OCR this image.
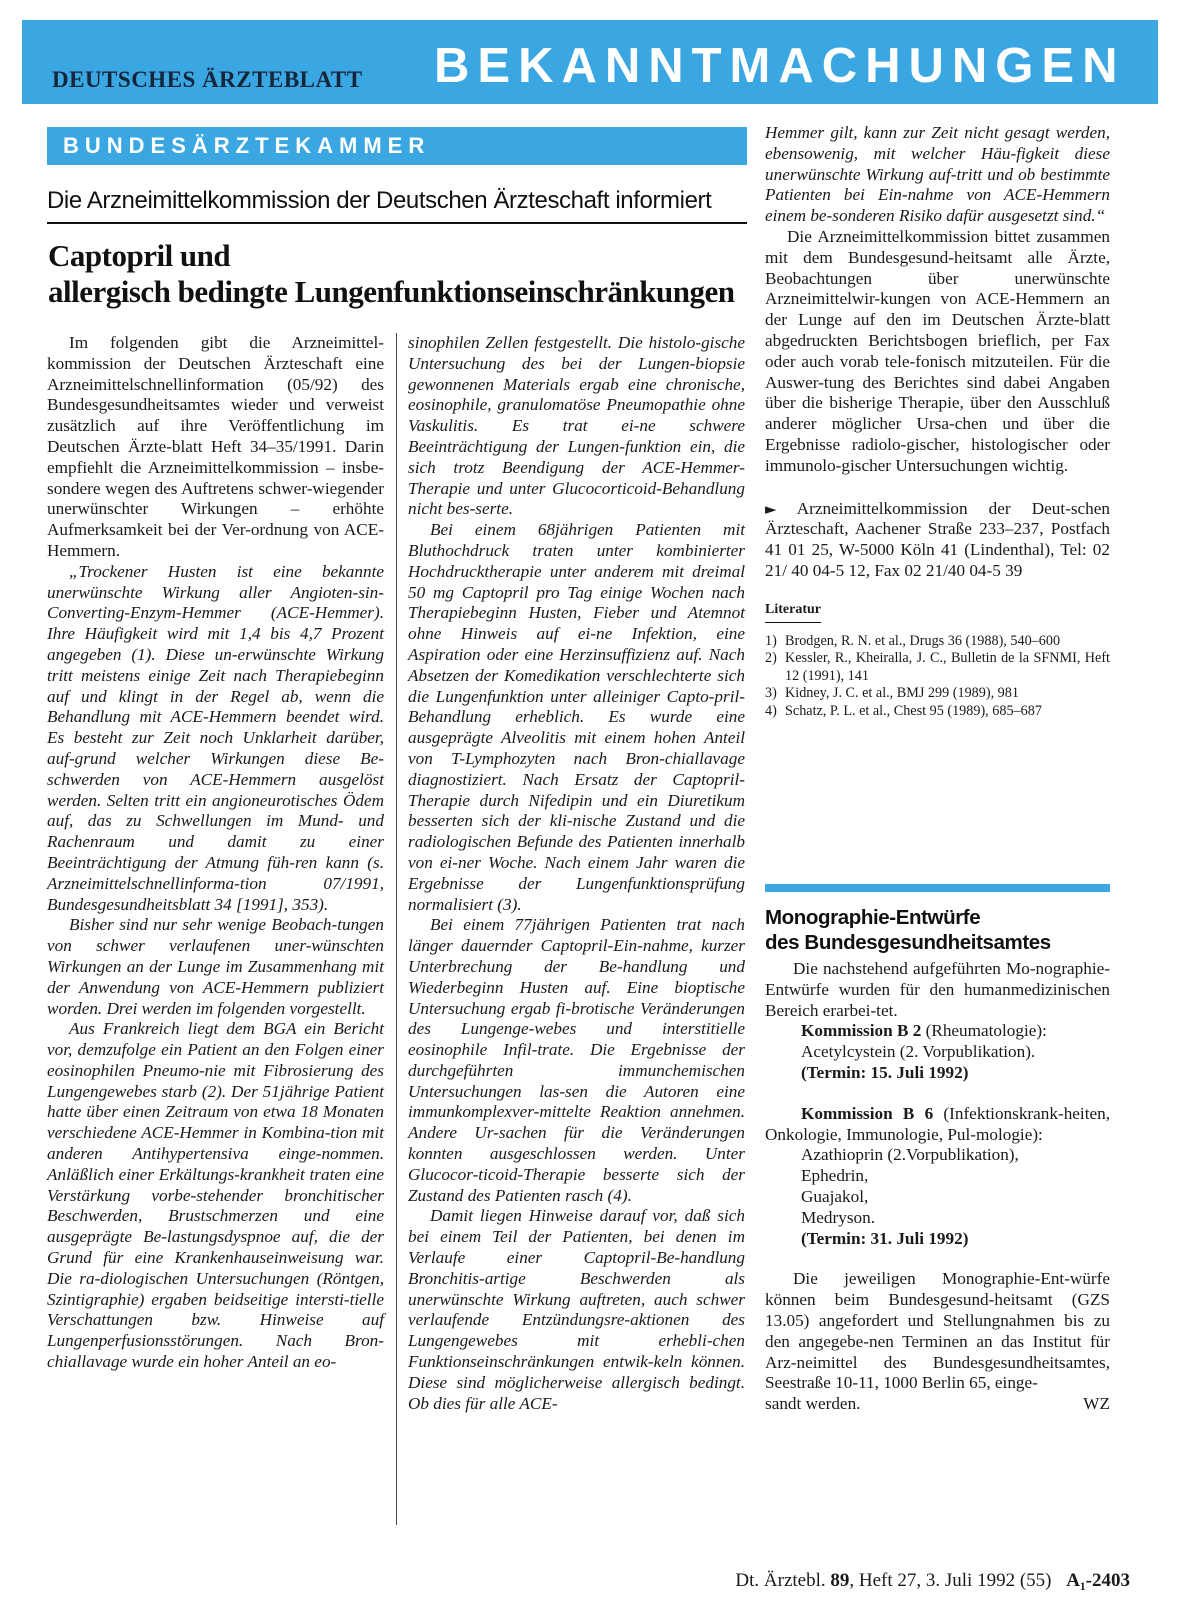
DEUTSCHES ÄRZTEBLATT BEKANNTMACHUNGEN
BUNDESÄRZTEKAMMER
Die Arzneimittelkommission der Deutschen Ärzteschaft informiert
Captopril und
allergisch bedingte Lungenfunktionseinschränkungen

Im folgenden gibt die Arzneimittel-kommission der Deutschen Ärzteschaft eine Arzneimittelschnellinformation (05/92) des Bundesgesundheitsamtes wieder und verweist zusätzlich auf ihre Veröffentlichung im Deutschen Ärzte-blatt Heft 34–35/1991. Darin empfiehlt die Arzneimittelkommission – insbe-sondere wegen des Auftretens schwer-wiegender unerwünschter Wirkungen – erhöhte Aufmerksamkeit bei der Ver-ordnung von ACE-Hemmern.

„Trockener Husten ist eine bekannte unerwünschte Wirkung aller Angioten-sin-Converting-Enzym-Hemmer (ACE-Hemmer). Ihre Häufigkeit wird mit 1,4 bis 4,7 Prozent angegeben (1). Diese un-erwünschte Wirkung tritt meistens einige Zeit nach Therapiebeginn auf und klingt in der Regel ab, wenn die Behandlung mit ACE-Hemmern beendet wird. Es besteht zur Zeit noch Unklarheit darüber, auf-grund welcher Wirkungen diese Be-schwerden von ACE-Hemmern ausgelöst werden. Selten tritt ein angioneurotisches Ödem auf, das zu Schwellungen im Mund- und Rachenraum und damit zu einer Beeinträchtigung der Atmung füh-ren kann (s. Arzneimittelschnellinforma-tion 07/1991, Bundesgesundheitsblatt 34 [1991], 353).

Bisher sind nur sehr wenige Beobach-tungen von schwer verlaufenen uner-wünschten Wirkungen an der Lunge im Zusammenhang mit der Anwendung von ACE-Hemmern publiziert worden. Drei werden im folgenden vorgestellt.

Aus Frankreich liegt dem BGA ein Bericht vor, demzufolge ein Patient an den Folgen einer eosinophilen Pneumo-nie mit Fibrosierung des Lungengewebes starb (2). Der 51jährige Patient hatte über einen Zeitraum von etwa 18 Monaten verschiedene ACE-Hemmer in Kombina-tion mit anderen Antihypertensiva einge-nommen. Anläßlich einer Erkältungs-krankheit traten eine Verstärkung vorbe-stehender bronchitischer Beschwerden, Brustschmerzen und eine ausgeprägte Be-lastungsdyspnoe auf, die der Grund für eine Krankenhauseinweisung war. Die ra-diologischen Untersuchungen (Röntgen, Szintigraphie) ergaben beidseitige intersti-tielle Verschattungen bzw. Hinweise auf Lungenperfusionsstörungen. Nach Bron-chiallavage wurde ein hoher Anteil an eo-

sinophilen Zellen festgestellt. Die histolo-gische Untersuchung des bei der Lungen-biopsie gewonnenen Materials ergab eine chronische, eosinophile, granulomatöse Pneumopathie ohne Vaskulitis. Es trat ei-ne schwere Beeinträchtigung der Lungen-funktion ein, die sich trotz Beendigung der ACE-Hemmer-Therapie und unter Glucocorticoid-Behandlung nicht bes-serte.

Bei einem 68jährigen Patienten mit Bluthochdruck traten unter kombinierter Hochdrucktherapie unter anderem mit dreimal 50 mg Captopril pro Tag einige Wochen nach Therapiebeginn Husten, Fieber und Atemnot ohne Hinweis auf ei-ne Infektion, eine Aspiration oder eine Herzinsuffizienz auf. Nach Absetzen der Komedikation verschlechterte sich die Lungenfunktion unter alleiniger Capto-pril-Behandlung erheblich. Es wurde eine ausgeprägte Alveolitis mit einem hohen Anteil von T-Lymphozyten nach Bron-chiallavage diagnostiziert. Nach Ersatz der Captopril-Therapie durch Nifedipin und ein Diuretikum besserten sich der kli-nische Zustand und die radiologischen Befunde des Patienten innerhalb von ei-ner Woche. Nach einem Jahr waren die Ergebnisse der Lungenfunktionsprüfung normalisiert (3).

Bei einem 77jährigen Patienten trat nach länger dauernder Captopril-Ein-nahme, kurzer Unterbrechung der Be-handlung und Wiederbeginn Husten auf. Eine bioptische Untersuchung ergab fi-brotische Veränderungen des Lungenge-webes und interstitielle eosinophile Infil-trate. Die Ergebnisse der durchgeführten immunchemischen Untersuchungen las-sen die Autoren eine immunkomplexver-mittelte Reaktion annehmen. Andere Ur-sachen für die Veränderungen konnten ausgeschlossen werden. Unter Glucocor-ticoid-Therapie besserte sich der Zustand des Patienten rasch (4).

Damit liegen Hinweise darauf vor, daß sich bei einem Teil der Patienten, bei denen im Verlaufe einer Captopril-Be-handlung Bronchitis-artige Beschwerden als unerwünschte Wirkung auftreten, auch schwer verlaufende Entzündungsre-aktionen des Lungengewebes mit erhebli-chen Funktionseinschränkungen entwik-keln können. Diese sind möglicherweise allergisch bedingt. Ob dies für alle ACE-

Hemmer gilt, kann zur Zeit nicht gesagt werden, ebensowenig, mit welcher Häu-figkeit diese unerwünschte Wirkung auf-tritt und ob bestimmte Patienten bei Ein-nahme von ACE-Hemmern einem be-sonderen Risiko dafür ausgesetzt sind.“

Die Arzneimittelkommission bittet zusammen mit dem Bundesgesund-heitsamt alle Ärzte, Beobachtungen über unerwünschte Arzneimittelwir-kungen von ACE-Hemmern an der Lunge auf den im Deutschen Ärzte-blatt abgedruckten Berichtsbogen brieflich, per Fax oder auch vorab tele-fonisch mitzuteilen. Für die Auswer-tung des Berichtes sind dabei Angaben über die bisherige Therapie, über den Ausschluß anderer möglicher Ursa-chen und über die Ergebnisse radiolo-gischer, histologischer oder immunolo-gischer Untersuchungen wichtig.

► Arzneimittelkommission der Deut-schen Ärzteschaft, Aachener Straße 233–237, Postfach 41 01 25, W-5000 Köln 41 (Lindenthal), Tel: 02 21/ 40 04-5 12, Fax 02 21/40 04-5 39

Literatur
1) Brodgen, R. N. et al., Drugs 36 (1988), 540–600
2) Kessler, R., Kheiralla, J. C., Bulletin de la SFNMI, Heft 12 (1991), 141
3) Kidney, J. C. et al., BMJ 299 (1989), 981
4) Schatz, P. L. et al., Chest 95 (1989), 685–687
Monographie-Entwürfe
des Bundesgesundheitsamtes

Die nachstehend aufgeführten Mo-nographie-Entwürfe wurden für den humanmedizinischen Bereich erarbei-tet.

Kommission B 2 (Rheumatologie):
Acetylcystein (2. Vorpublikation).
(Termin: 15. Juli 1992)

Kommission B 6 (Infektionskrank-heiten, Onkologie, Immunologie, Pul-mologie):

Azathioprin (2.Vorpublikation),
Ephedrin,
Guajakol,
Medryson.
(Termin: 31. Juli 1992)

Die jeweiligen Monographie-Ent-würfe können beim Bundesgesund-heitsamt (GZS 13.05) angefordert und Stellungnahmen bis zu den angegebe-nen Terminen an das Institut für Arz-neimittel des Bundesgesundheitsamtes, Seestraße 10-11, 1000 Berlin 65, einge-

sandt werden.	WZ
Dt. Ärztebl. 89, Heft 27, 3. Juli 1992 (55) A₁-2403
